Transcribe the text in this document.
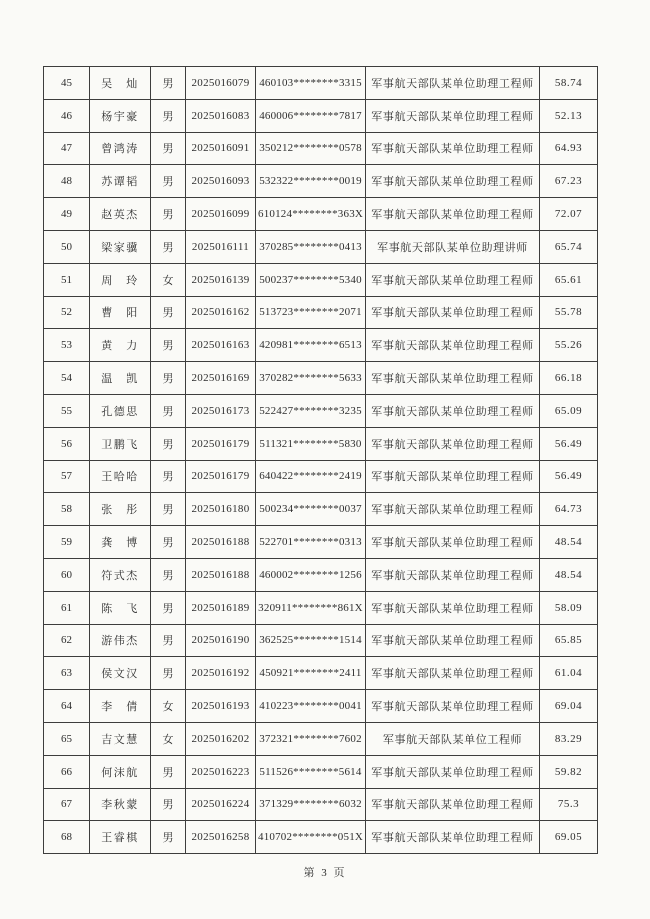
45	吴　灿	男	2025016079	460103********3315	军事航天部队某单位助理工程师	58.74
46	杨宇豪	男	2025016083	460006********7817	军事航天部队某单位助理工程师	52.13
47	曾鸿涛	男	2025016091	350212********0578	军事航天部队某单位助理工程师	64.93
48	苏谭韬	男	2025016093	532322********0019	军事航天部队某单位助理工程师	67.23
49	赵英杰	男	2025016099	610124********363X	军事航天部队某单位助理工程师	72.07
50	梁家骥	男	2025016111	370285********0413	军事航天部队某单位助理讲师	65.74
51	周　玲	女	2025016139	500237********5340	军事航天部队某单位助理工程师	65.61
52	曹　阳	男	2025016162	513723********2071	军事航天部队某单位助理工程师	55.78
53	黄　力	男	2025016163	420981********6513	军事航天部队某单位助理工程师	55.26
54	温　凯	男	2025016169	370282********5633	军事航天部队某单位助理工程师	66.18
55	孔德思	男	2025016173	522427********3235	军事航天部队某单位助理工程师	65.09
56	卫鹏飞	男	2025016179	511321********5830	军事航天部队某单位助理工程师	56.49
57	王哈哈	男	2025016179	640422********2419	军事航天部队某单位助理工程师	56.49
58	张　彤	男	2025016180	500234********0037	军事航天部队某单位助理工程师	64.73
59	龚　博	男	2025016188	522701********0313	军事航天部队某单位助理工程师	48.54
60	符式杰	男	2025016188	460002********1256	军事航天部队某单位助理工程师	48.54
61	陈　飞	男	2025016189	320911********861X	军事航天部队某单位助理工程师	58.09
62	游伟杰	男	2025016190	362525********1514	军事航天部队某单位助理工程师	65.85
63	侯文汉	男	2025016192	450921********2411	军事航天部队某单位助理工程师	61.04
64	李　倩	女	2025016193	410223********0041	军事航天部队某单位助理工程师	69.04
65	吉文慧	女	2025016202	372321********7602	军事航天部队某单位工程师	83.29
66	何沫航	男	2025016223	511526********5614	军事航天部队某单位助理工程师	59.82
67	李秋蒙	男	2025016224	371329********6032	军事航天部队某单位助理工程师	75.3
68	王睿棋	男	2025016258	410702********051X	军事航天部队某单位助理工程师	69.05
第 3 页
